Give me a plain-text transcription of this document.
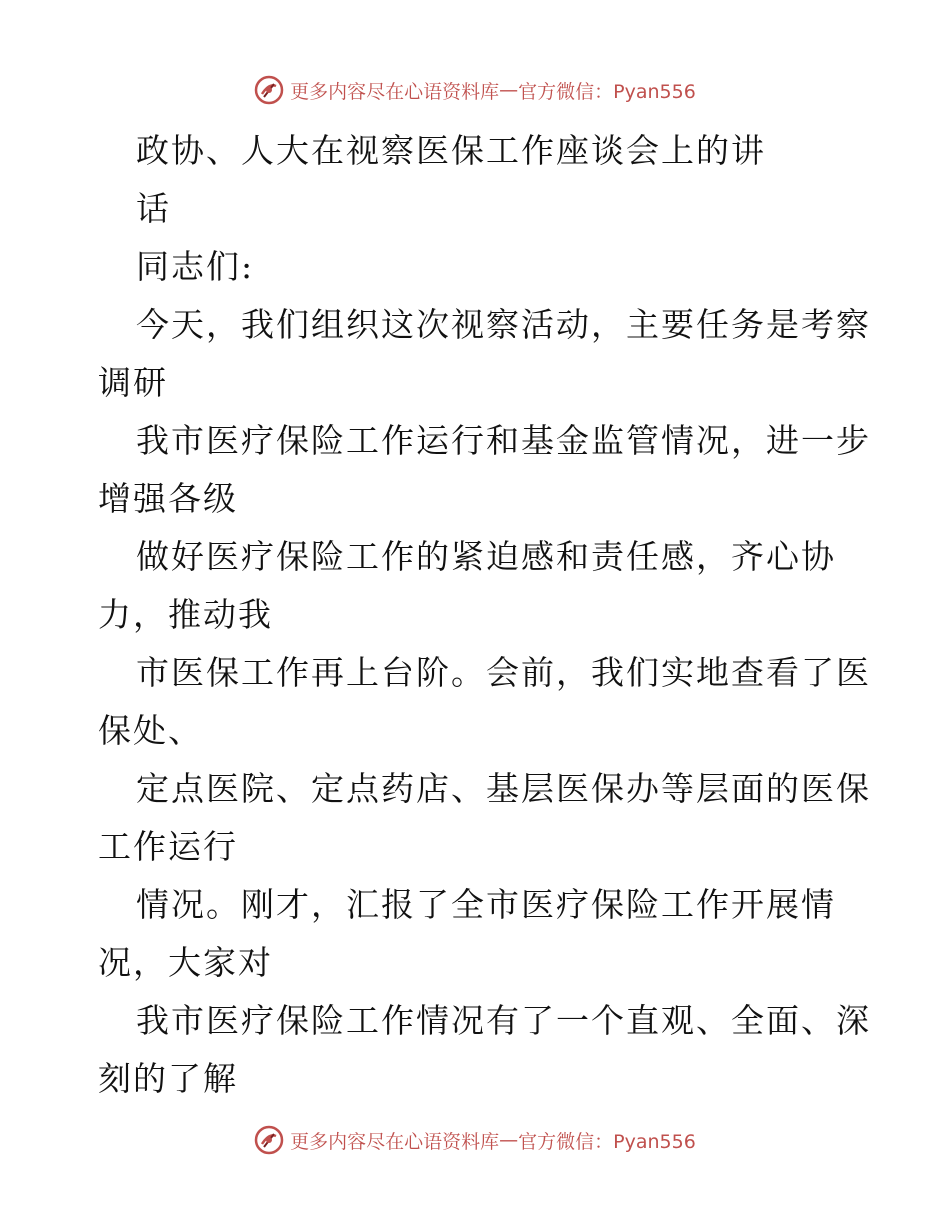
更多内容尽在心语资料库 — 官方微信：Pyan556
政协、人大在视察医保工作座谈会上的讲
话
同志们:
今天，我们组织这次视察活动，主要任务是考察
调研
我市医疗保险工作运行和基金监管情况，进一步
增强各级
做好医疗保险工作的紧迫感和责任感，齐心协
力，推动我
市医保工作再上台阶。会前，我们实地查看了医
保处、
定点医院、定点药店、基层医保办等层面的医保
工作运行
情况。刚才，汇报了全市医疗保险工作开展情
况，大家对
我市医疗保险工作情况有了一个直观、全面、深
刻的了解
更多内容尽在心语资料库 — 官方微信：Pyan556
